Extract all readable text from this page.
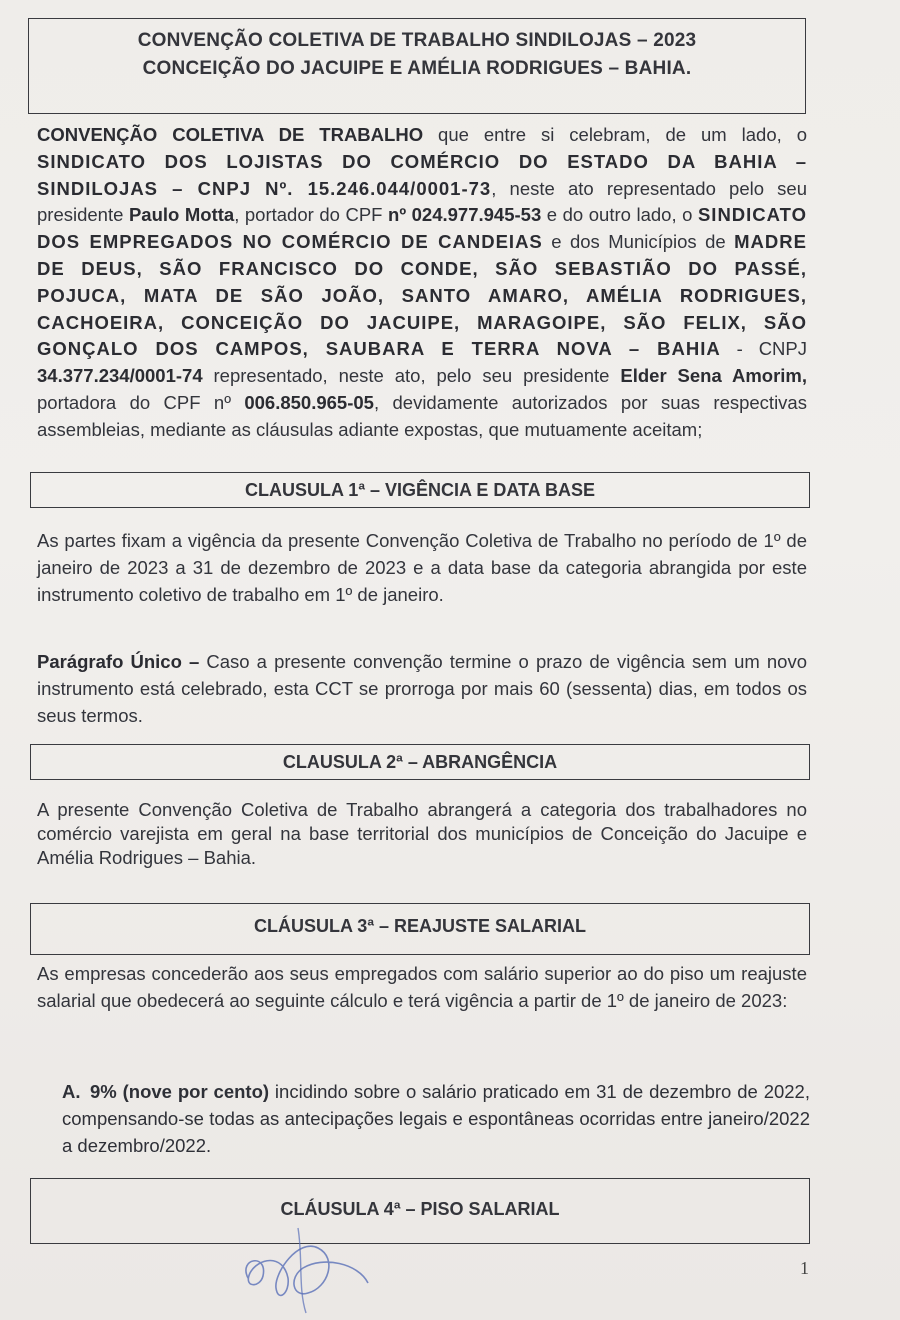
CONVENÇÃO COLETIVA DE TRABALHO SINDILOJAS – 2023
CONCEIÇÃO DO JACUIPE E AMÉLIA RODRIGUES – BAHIA.
CONVENÇÃO COLETIVA DE TRABALHO que entre si celebram, de um lado, o SINDICATO DOS LOJISTAS DO COMÉRCIO DO ESTADO DA BAHIA – SINDILOJAS – CNPJ Nº. 15.246.044/0001-73, neste ato representado pelo seu presidente Paulo Motta, portador do CPF nº 024.977.945-53 e do outro lado, o SINDICATO DOS EMPREGADOS NO COMÉRCIO DE CANDEIAS e dos Municípios de MADRE DE DEUS, SÃO FRANCISCO DO CONDE, SÃO SEBASTIÃO DO PASSÉ, POJUCA, MATA DE SÃO JOÃO, SANTO AMARO, AMÉLIA RODRIGUES, CACHOEIRA, CONCEIÇÃO DO JACUIPE, MARAGOIPE, SÃO FELIX, SÃO GONÇALO DOS CAMPOS, SAUBARA E TERRA NOVA – BAHIA - CNPJ 34.377.234/0001-74 representado, neste ato, pelo seu presidente Elder Sena Amorim, portadora do CPF nº 006.850.965-05, devidamente autorizados por suas respectivas assembleias, mediante as cláusulas adiante expostas, que mutuamente aceitam;
CLAUSULA 1ª – VIGÊNCIA E DATA BASE
As partes fixam a vigência da presente Convenção Coletiva de Trabalho no período de 1º de janeiro de 2023 a 31 de dezembro de 2023 e a data base da categoria abrangida por este instrumento coletivo de trabalho em 1º de janeiro.
Parágrafo Único – Caso a presente convenção termine o prazo de vigência sem um novo instrumento está celebrado, esta CCT se prorroga por mais 60 (sessenta) dias, em todos os seus termos.
CLAUSULA 2ª – ABRANGÊNCIA
A presente Convenção Coletiva de Trabalho abrangerá a categoria dos trabalhadores no comércio varejista em geral na base territorial dos municípios de Conceição do Jacuipe e Amélia Rodrigues – Bahia.
CLÁUSULA 3ª – REAJUSTE SALARIAL
As empresas concederão aos seus empregados com salário superior ao do piso um reajuste salarial que obedecerá ao seguinte cálculo e terá vigência a partir de 1º de janeiro de 2023:
A. 9% (nove por cento) incidindo sobre o salário praticado em 31 de dezembro de 2022, compensando-se todas as antecipações legais e espontâneas ocorridas entre janeiro/2022 a dezembro/2022.
CLÁUSULA 4ª – PISO SALARIAL
1
